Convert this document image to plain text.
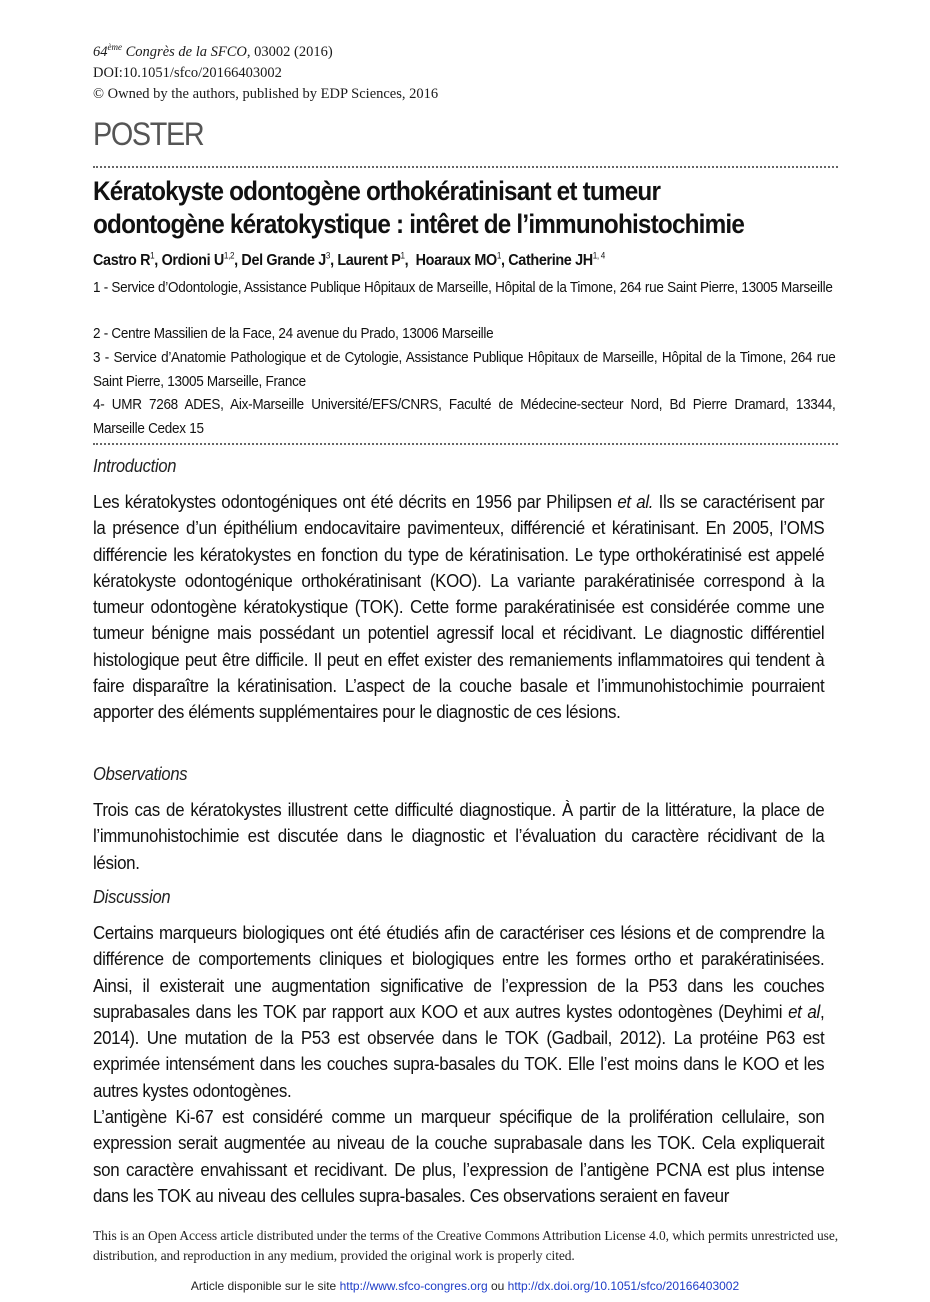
64ème Congrès de la SFCO, 03002 (2016)
DOI:10.1051/sfco/20166403002
© Owned by the authors, published by EDP Sciences, 2016
POSTER
Kératokyste odontogène orthokératinisant et tumeur
odontogène kératokystique : intêret de l’immunohistochimie
Castro $R^1$, Ordioni U$^{1,2}$, Del Grande $J^3$, Laurent $P^1$,  Hoaraux $MO^1$, Catherine JH$^{1, 4}$
1 - Service d’Odontologie, Assistance Publique Hôpitaux de Marseille, Hôpital de la Timone, 264 rue Saint Pierre, 13005 Marseille
2 - Centre Massilien de la Face, 24 avenue du Prado, 13006 Marseille
3 - Service d’Anatomie Pathologique et de Cytologie, Assistance Publique Hôpitaux de Marseille, Hôpital de la Timone, 264 rue Saint Pierre, 13005 Marseille, France
4- UMR 7268 ADES, Aix-Marseille Université/EFS/CNRS, Faculté de Médecine-secteur Nord, Bd Pierre Dramard, 13344, Marseille Cedex 15
Introduction

Les kératokystes odontogéniques ont été décrits en 1956 par Philipsen et al. Ils se caractérisent par la présence d’un épithélium endocavitaire pavimenteux, différencié et kératinisant. En 2005, l’OMS différencie les kératokystes en fonction du type de kératinisation. Le type orthokératinisé est appelé kératokyste odontogénique orthokératinisant (KOO). La variante parakératinisée correspond à la tumeur odontogène kératokystique (TOK). Cette forme parakératinisée est considérée comme une tumeur bénigne mais possédant un potentiel agressif local et récidivant. Le diagnostic différentiel histologique peut être difficile. Il peut en effet exister des remaniements inflammatoires qui tendent à faire disparaître la kératinisation. L’aspect de la couche basale et l’immunohistochimie pourraient apporter des éléments supplémentaires pour le diagnostic de ces lésions.

Observations

Trois cas de kératokystes illustrent cette difficulté diagnostique. À partir de la littérature, la place de l’immunohistochimie est discutée dans le diagnostic et l’évaluation du caractère récidivant de la lésion.

Discussion

Certains marqueurs biologiques ont été étudiés afin de caractériser ces lésions et de comprendre la différence de comportements cliniques et biologiques entre les formes ortho et parakératinisées. Ainsi, il existerait une augmentation significative de l’expression de la P53 dans les couches suprabasales dans les TOK par rapport aux KOO et aux autres kystes odontogènes (Deyhimi et al, 2014). Une mutation de la P53 est observée dans le TOK (Gadbail, 2012). La protéine P63 est exprimée intensément dans les couches supra-basales du TOK. Elle l’est moins dans le KOO et les autres kystes odontogènes.

L’antigène Ki-67 est considéré comme un marqueur spécifique de la prolifération cellulaire, son expression serait augmentée au niveau de la couche suprabasale dans les TOK. Cela expliquerait son caractère envahissant et recidivant. De plus, l’expression de l’antigène PCNA est plus intense dans les TOK au niveau des cellules supra-basales. Ces observations seraient en faveur

This is an Open Access article distributed under the terms of the Creative Commons Attribution License 4.0, which permits unrestricted use, distribution, and reproduction in any medium, provided the original work is properly cited.
Article disponible sur le site http://www.sfco-congres.org ou http://dx.doi.org/10.1051/sfco/20166403002
